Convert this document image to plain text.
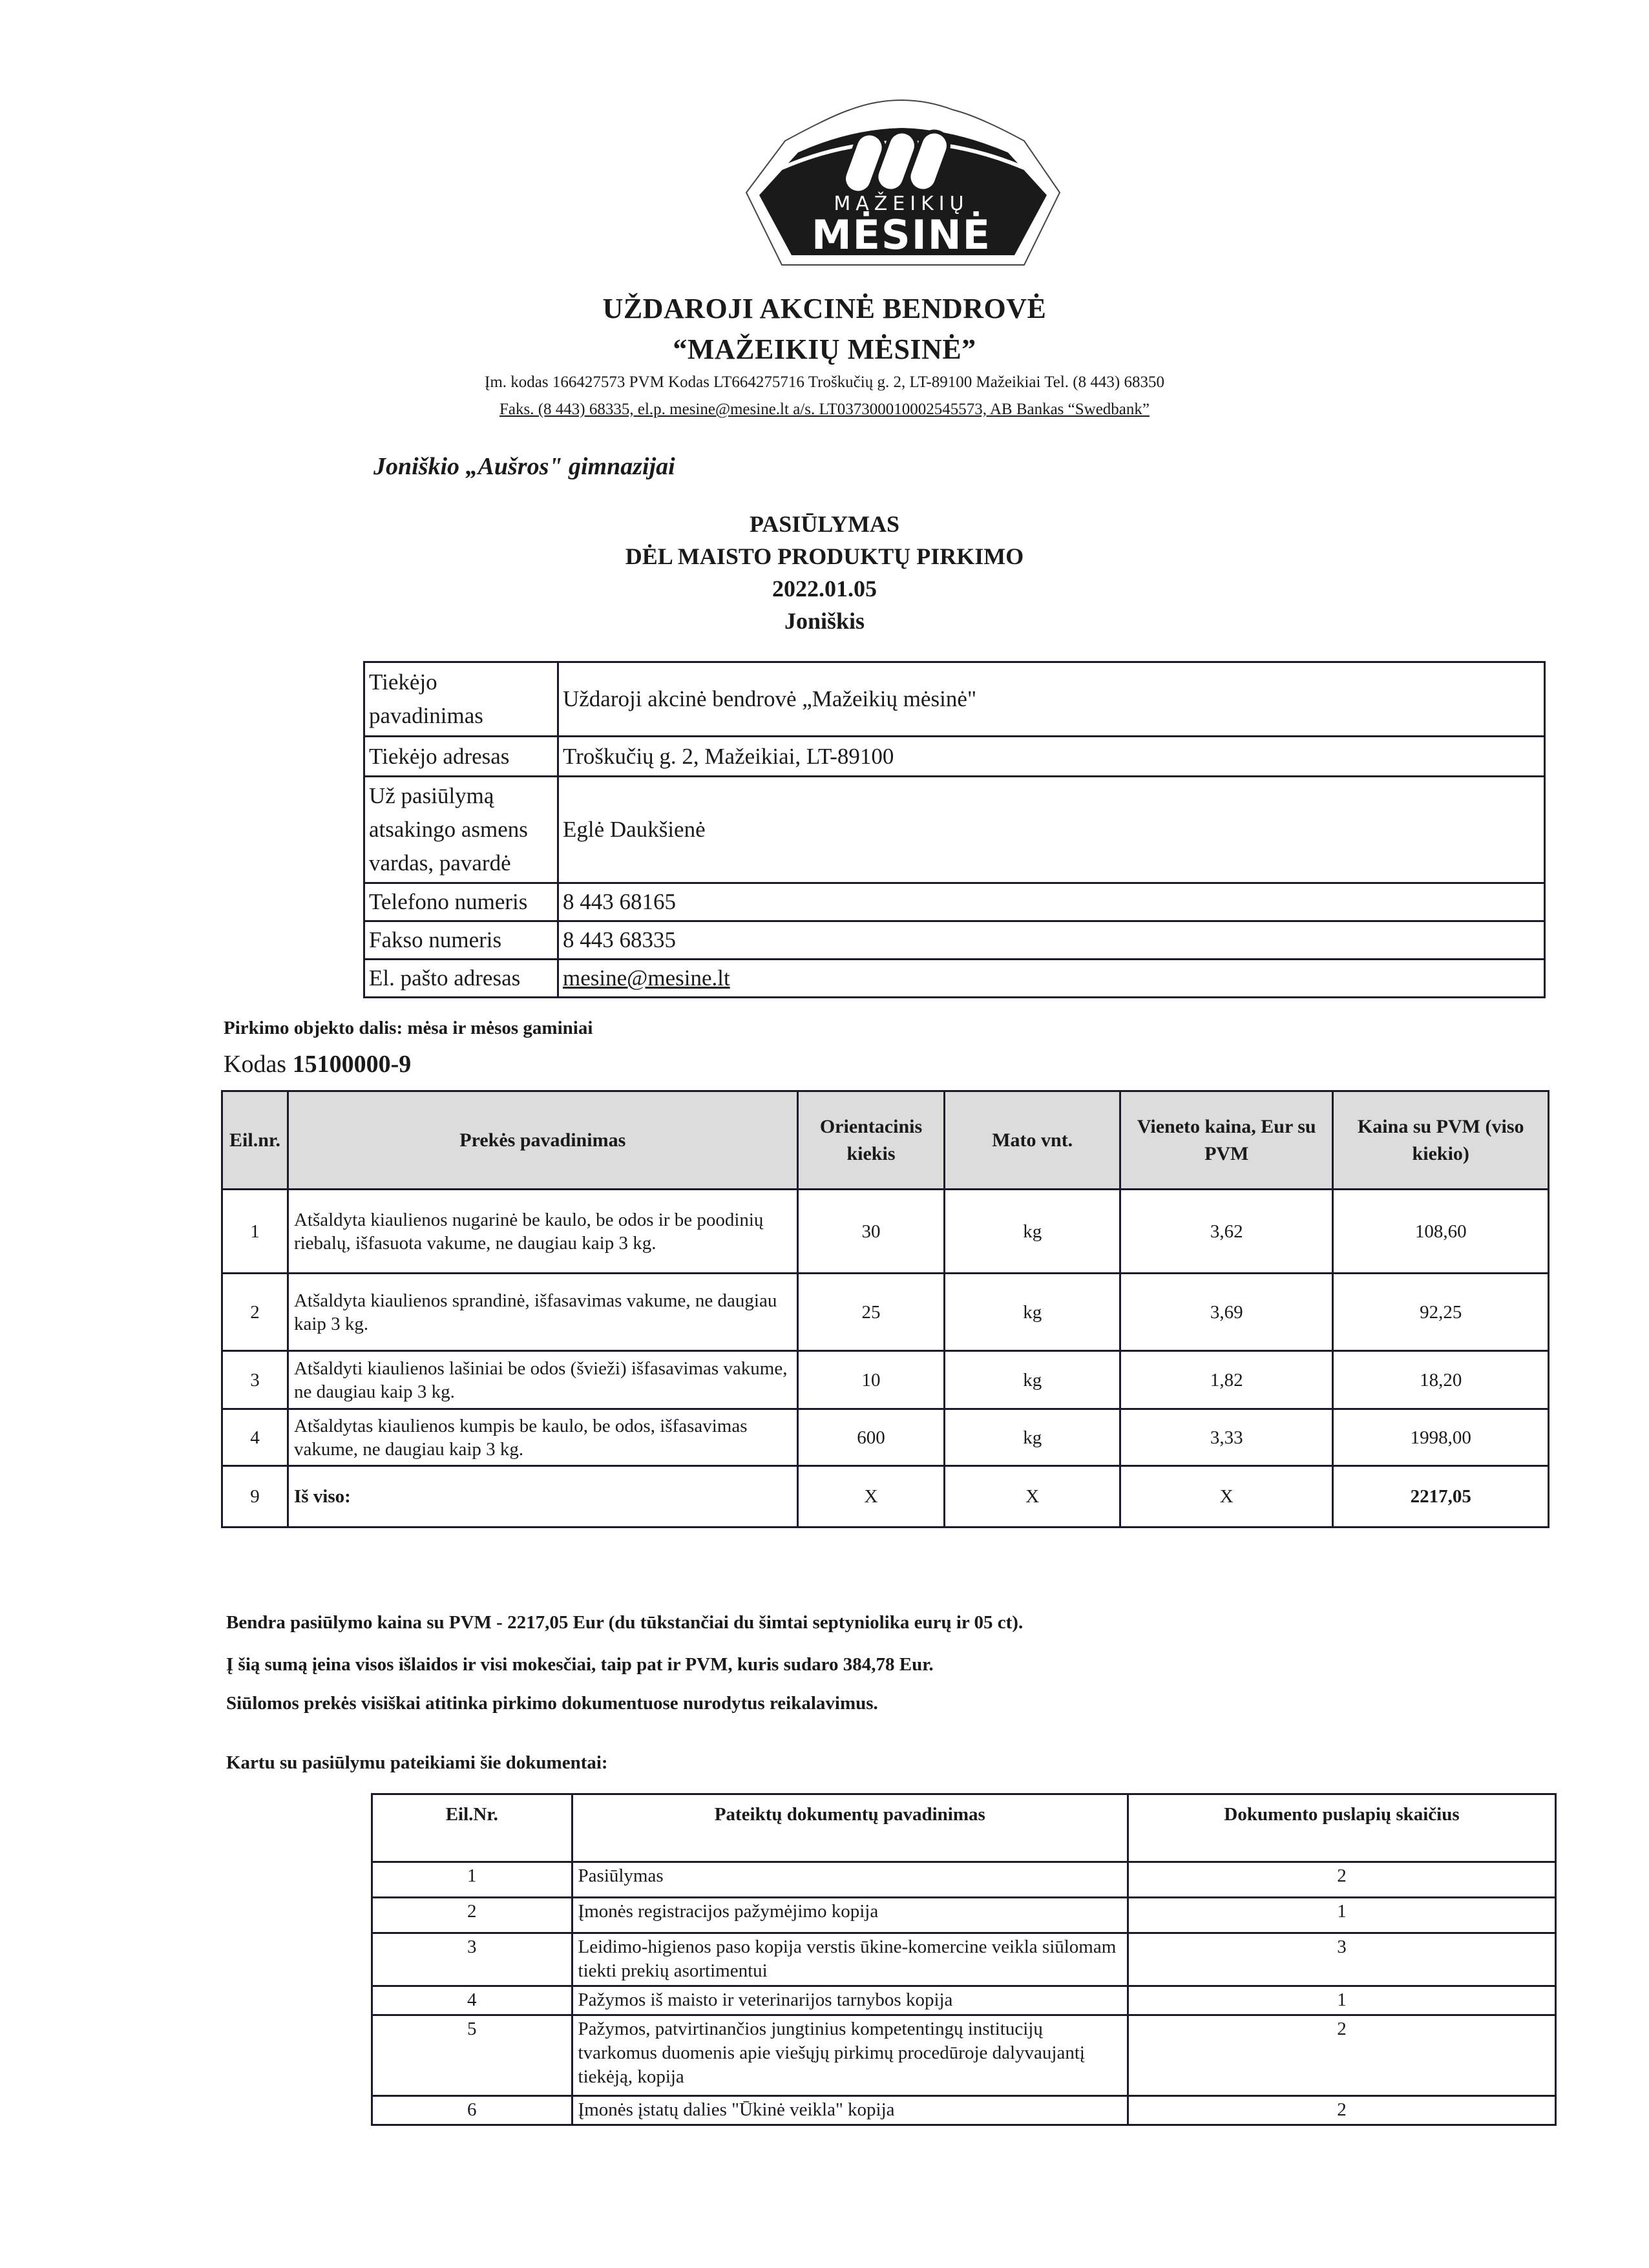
MAŽEIKIŲ
MĖSINĖ
UŽDAROJI AKCINĖ BENDROVĖ
“MAŽEIKIŲ MĖSINĖ”
Įm. kodas 166427573 PVM Kodas LT664275716 Troškučių g. 2, LT-89100 Mažeikiai Tel. (8 443) 68350
Faks. (8 443) 68335, el.p. mesine@mesine.lt a/s. LT037300010002545573, AB Bankas “Swedbank”
Joniškio „Aušros" gimnazijai
PASIŪLYMAS
DĖL MAISTO PRODUKTŲ PIRKIMO
2022.01.05
Joniškis
Tiekėjo pavadinimas	Uždaroji akcinė bendrovė „Mažeikių mėsinė"
Tiekėjo adresas	Troškučių g. 2, Mažeikiai, LT-89100
Už pasiūlymą atsakingo asmens vardas, pavardė	Eglė Daukšienė
Telefono numeris	8 443 68165
Fakso numeris	8 443 68335
El. pašto adresas	mesine@mesine.lt
Pirkimo objekto dalis: mėsa ir mėsos gaminiai
Kodas 15100000-9
Eil.nr.	Prekės pavadinimas	Orientacinis kiekis	Mato vnt.	Vieneto kaina, Eur su PVM	Kaina su PVM (viso kiekio)
1	Atšaldyta kiaulienos nugarinė be kaulo, be odos ir be poodinių riebalų, išfasuota vakume, ne daugiau kaip 3 kg.	30	kg	3,62	108,60
2	Atšaldyta kiaulienos sprandinė, išfasavimas vakume, ne daugiau kaip 3 kg.	25	kg	3,69	92,25
3	Atšaldyti kiaulienos lašiniai be odos (švieži) išfasavimas vakume, ne daugiau kaip 3 kg.	10	kg	1,82	18,20
4	Atšaldytas kiaulienos kumpis be kaulo, be odos, išfasavimas vakume, ne daugiau kaip 3 kg.	600	kg	3,33	1998,00
9	Iš viso:	X	X	X	2217,05
Bendra pasiūlymo kaina su PVM - 2217,05 Eur (du tūkstančiai du šimtai septyniolika eurų ir 05 ct).
Į šią sumą įeina visos išlaidos ir visi mokesčiai, taip pat ir PVM, kuris sudaro 384,78 Eur.
Siūlomos prekės visiškai atitinka pirkimo dokumentuose nurodytus reikalavimus.
Kartu su pasiūlymu pateikiami šie dokumentai:
Eil.Nr.	Pateiktų dokumentų pavadinimas	Dokumento puslapių skaičius
1	Pasiūlymas	2
2	Įmonės registracijos pažymėjimo kopija	1
3	Leidimo-higienos paso kopija verstis ūkine-komercine veikla siūlomam tiekti prekių asortimentui	3
4	Pažymos iš maisto ir veterinarijos tarnybos kopija	1
5	Pažymos, patvirtinančios jungtinius kompetentingų institucijų tvarkomus duomenis apie viešųjų pirkimų procedūroje dalyvaujantį tiekėją, kopija	2
6	Įmonės įstatų dalies "Ūkinė veikla" kopija	2
